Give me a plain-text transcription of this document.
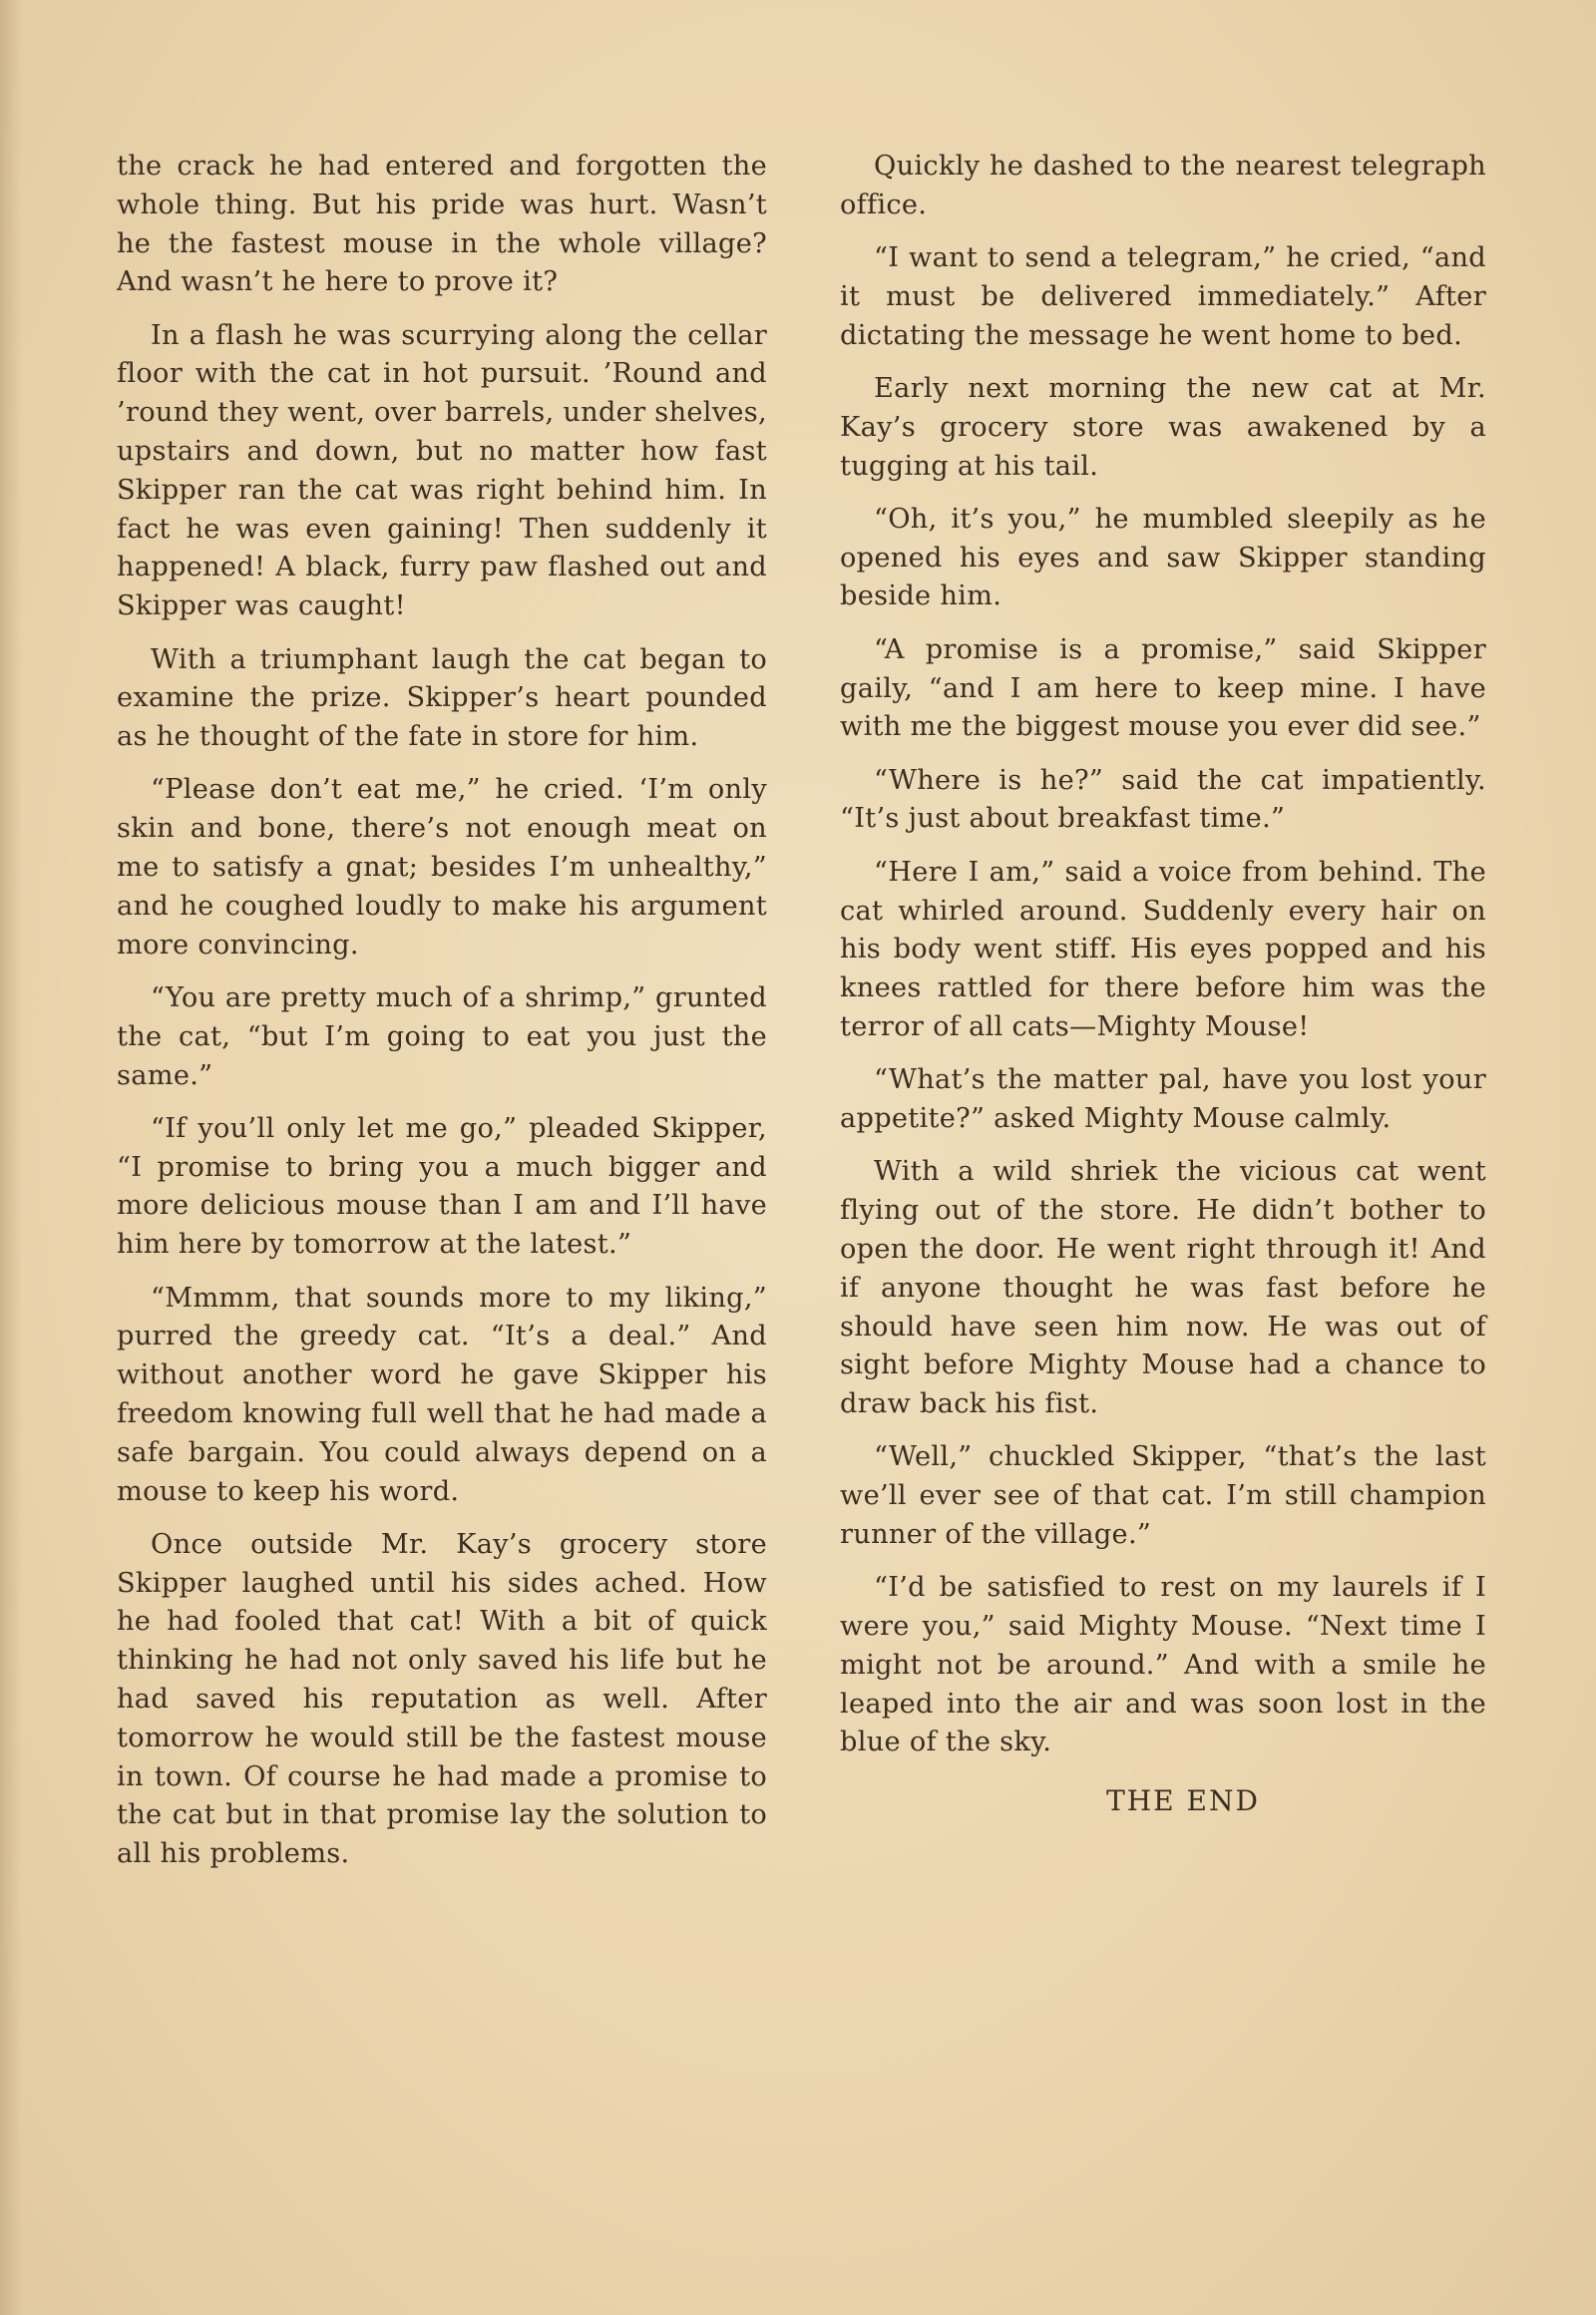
the crack he had entered and forgotten the whole thing. But his pride was hurt. Wasn’t he the fastest mouse in the whole village? And wasn’t he here to prove it?

In a flash he was scurrying along the cellar floor with the cat in hot pursuit. ’Round and ’round they went, over barrels, under shelves, upstairs and down, but no matter how fast Skipper ran the cat was right behind him. In fact he was even gaining! Then suddenly it happened! A black, furry paw flashed out and Skipper was caught!

With a triumphant laugh the cat began to examine the prize. Skipper’s heart pounded as he thought of the fate in store for him.

“Please don’t eat me,” he cried. ‘I’m only skin and bone, there’s not enough meat on me to satisfy a gnat; besides I’m unhealthy,” and he coughed loudly to make his argument more convincing.

“You are pretty much of a shrimp,” grunted the cat, “but I’m going to eat you just the same.”

“If you’ll only let me go,” pleaded Skipper, “I promise to bring you a much bigger and more delicious mouse than I am and I’ll have him here by tomorrow at the latest.”

“Mmmm, that sounds more to my liking,” purred the greedy cat. “It’s a deal.” And without another word he gave Skipper his freedom knowing full well that he had made a safe bargain. You could always depend on a mouse to keep his word.

Once outside Mr. Kay’s grocery store Skipper laughed until his sides ached. How he had fooled that cat! With a bit of quick thinking he had not only saved his life but he had saved his reputation as well. After tomorrow he would still be the fastest mouse in town. Of course he had made a promise to the cat but in that promise lay the solution to all his problems.

Quickly he dashed to the nearest telegraph office.

“I want to send a telegram,” he cried, “and it must be delivered immediately.” After dictating the message he went home to bed.

Early next morning the new cat at Mr. Kay’s grocery store was awakened by a tugging at his tail.

“Oh, it’s you,” he mumbled sleepily as he opened his eyes and saw Skipper standing beside him.

“A promise is a promise,” said Skipper gaily, “and I am here to keep mine. I have with me the biggest mouse you ever did see.”

“Where is he?” said the cat impatiently. “It’s just about breakfast time.”

“Here I am,” said a voice from behind. The cat whirled around. Suddenly every hair on his body went stiff. His eyes popped and his knees rattled for there before him was the terror of all cats—Mighty Mouse!

“What’s the matter pal, have you lost your appetite?” asked Mighty Mouse calmly.

With a wild shriek the vicious cat went flying out of the store. He didn’t bother to open the door. He went right through it! And if anyone thought he was fast before he should have seen him now. He was out of sight before Mighty Mouse had a chance to draw back his fist.

“Well,” chuckled Skipper, “that’s the last we’ll ever see of that cat. I’m still champion runner of the village.”

“I’d be satisfied to rest on my laurels if I were you,” said Mighty Mouse. “Next time I might not be around.” And with a smile he leaped into the air and was soon lost in the blue of the sky.

THE END
